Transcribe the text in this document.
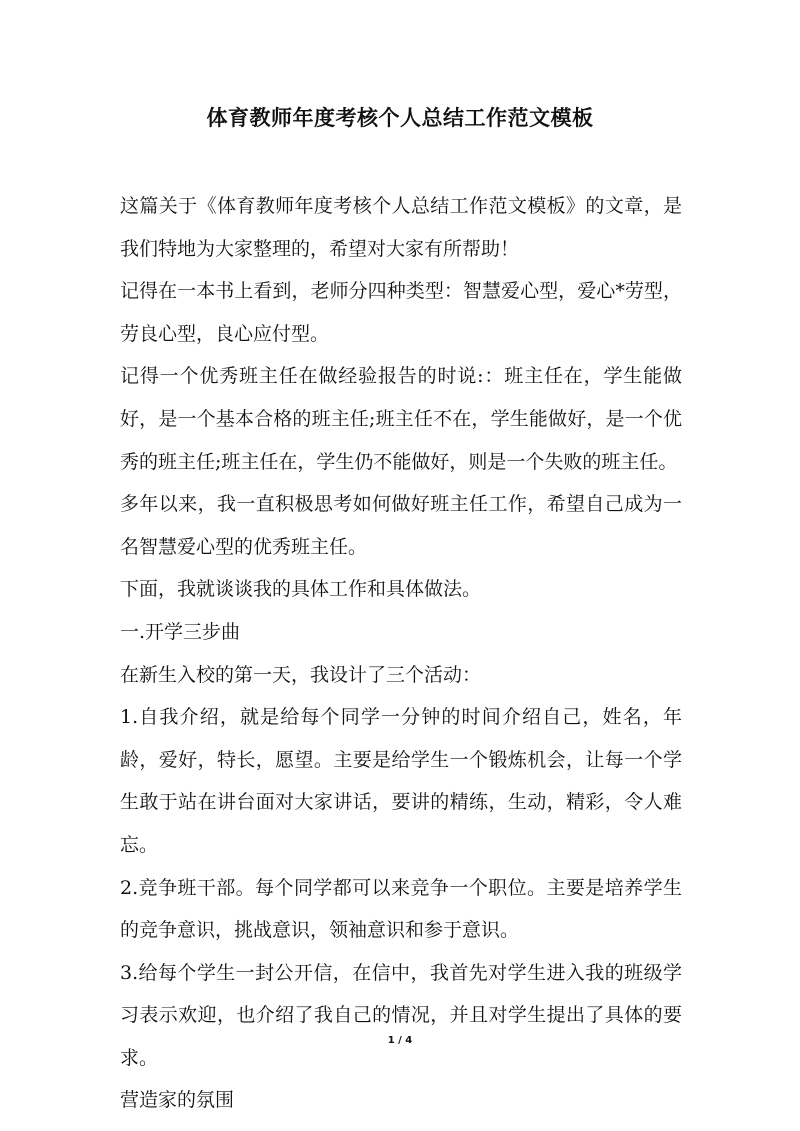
体育教师年度考核个人总结工作范文模板

这篇关于《体育教师年度考核个人总结工作范文模板》的文章，是我们特地为大家整理的，希望对大家有所帮助！

记得在一本书上看到，老师分四种类型：智慧爱心型，爱心*劳型，劳良心型，良心应付型。

记得一个优秀班主任在做经验报告的时说:：班主任在，学生能做好，是一个基本合格的班主任;班主任不在，学生能做好，是一个优秀的班主任;班主任在，学生仍不能做好，则是一个失败的班主任。

多年以来，我一直积极思考如何做好班主任工作，希望自己成为一名智慧爱心型的优秀班主任。

下面，我就谈谈我的具体工作和具体做法。

一.开学三步曲

在新生入校的第一天，我设计了三个活动：

1.自我介绍，就是给每个同学一分钟的时间介绍自己，姓名，年龄，爱好，特长，愿望。主要是给学生一个锻炼机会，让每一个学生敢于站在讲台面对大家讲话，要讲的精练，生动，精彩，令人难忘。

2.竞争班干部。每个同学都可以来竞争一个职位。主要是培养学生的竞争意识，挑战意识，领袖意识和参于意识。

3.给每个学生一封公开信，在信中，我首先对学生进入我的班级学习表示欢迎，也介绍了我自己的情况，并且对学生提出了具体的要求。

营造家的氛围

1 / 4
